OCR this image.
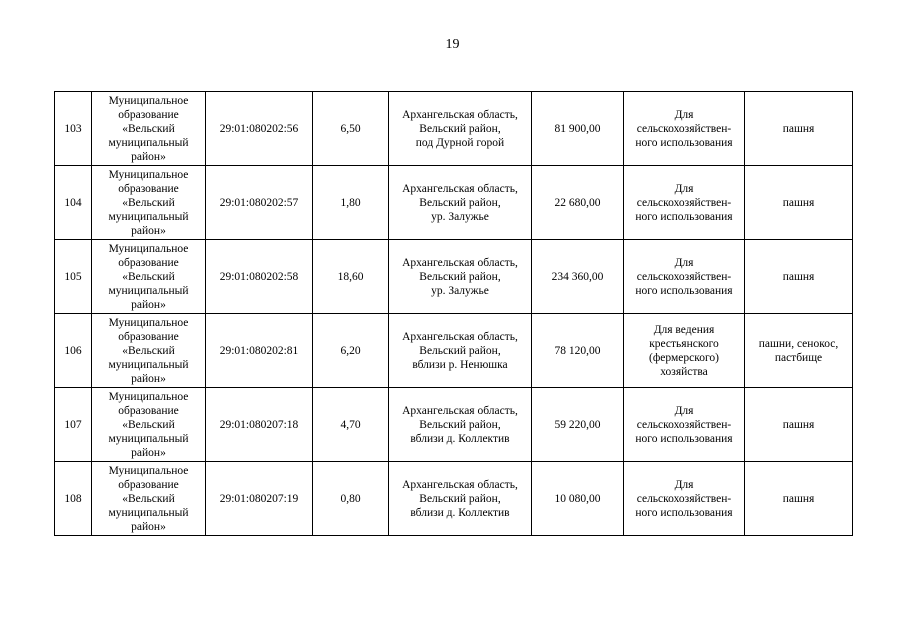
19
103	Муниципальное
образование
«Вельский
муниципальный
район»	29:01:080202:56	6,50	Архангельская область,
Вельский район,
под Дурной горой	81 900,00	Для
сельскохозяйствен-
ного использования	пашня
104	Муниципальное
образование
«Вельский
муниципальный
район»	29:01:080202:57	1,80	Архангельская область,
Вельский район,
ур. Залужье	22 680,00	Для
сельскохозяйствен-
ного использования	пашня
105	Муниципальное
образование
«Вельский
муниципальный
район»	29:01:080202:58	18,60	Архангельская область,
Вельский район,
ур. Залужье	234 360,00	Для
сельскохозяйствен-
ного использования	пашня
106	Муниципальное
образование
«Вельский
муниципальный
район»	29:01:080202:81	6,20	Архангельская область,
Вельский район,
вблизи р. Ненюшка	78 120,00	Для ведения
крестьянского
(фермерского)
хозяйства	пашни, сенокос,
пастбище
107	Муниципальное
образование
«Вельский
муниципальный
район»	29:01:080207:18	4,70	Архангельская область,
Вельский район,
вблизи д. Коллектив	59 220,00	Для
сельскохозяйствен-
ного использования	пашня
108	Муниципальное
образование
«Вельский
муниципальный
район»	29:01:080207:19	0,80	Архангельская область,
Вельский район,
вблизи д. Коллектив	10 080,00	Для
сельскохозяйствен-
ного использования	пашня
